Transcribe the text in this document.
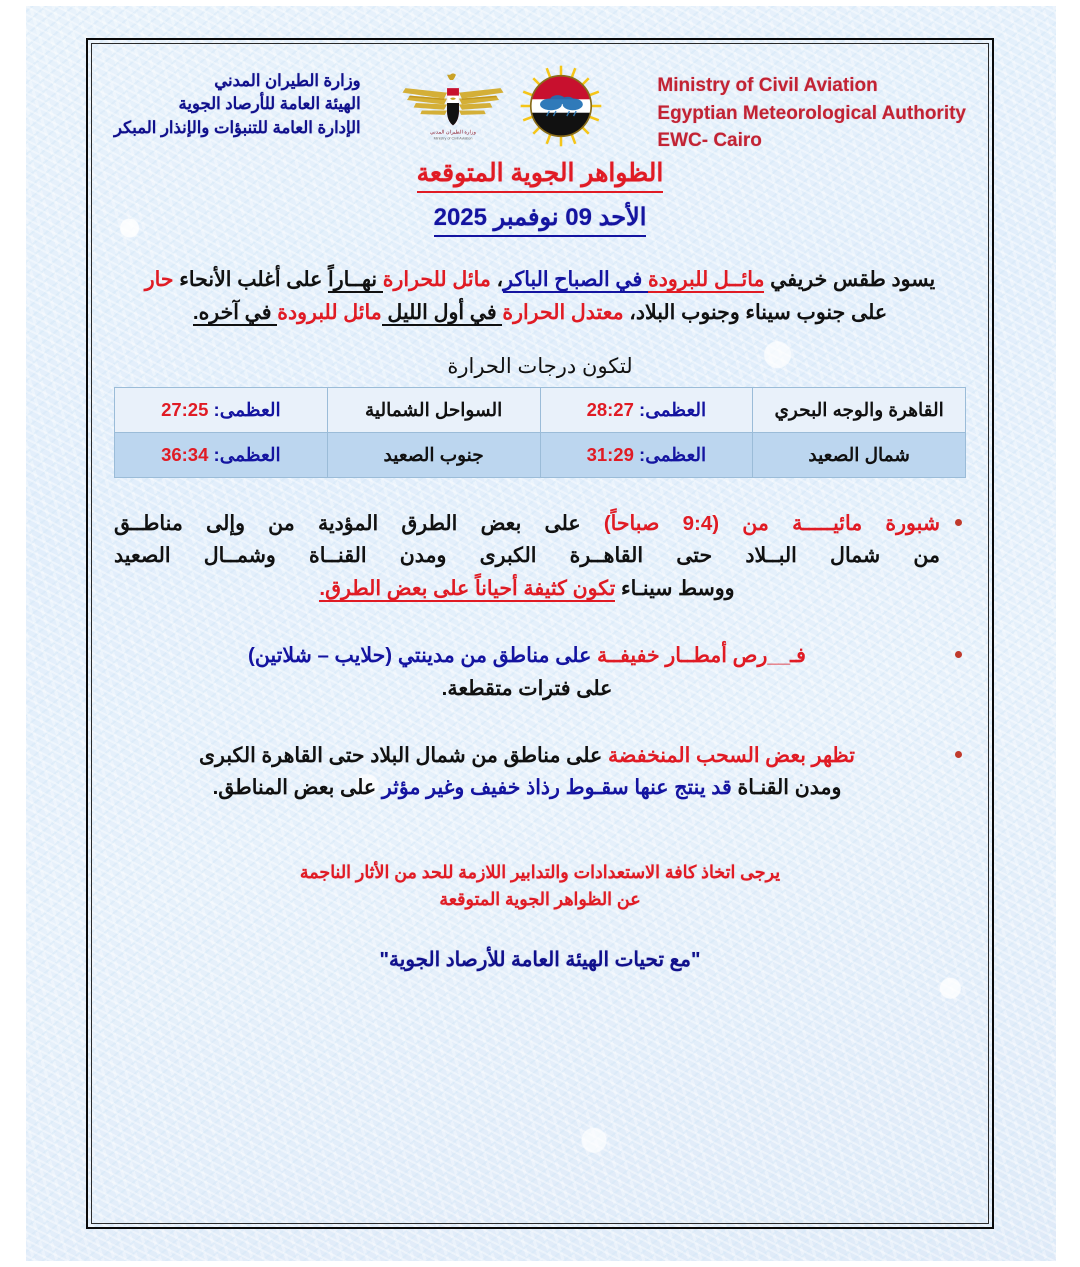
وزارة الطيران المدني
الهيئة العامة للأرصاد الجوية
الإدارة العامة للتنبؤات والإنذار المبكر	وزارة الطيران المدني
Ministry of Civil Aviation
Ministry of Civil Aviation
Egyptian Meteorological Authority
EWC- Cairo
الظواهر الجوية المتوقعة
الأحد 09 نوفمبر 2025
يسود طقس خريفي مائــل للبرودة في الصباح الباكر، مائل للحرارة نهــاراً على أغلب الأنحاء حار على جنوب سيناء وجنوب البلاد، معتدل الحرارة في أول الليل مائل للبرودة في آخره.
لتكون درجات الحرارة
القاهرة والوجه البحري	العظمى: 28:27	السواحل الشمالية	العظمى: 27:25
شمال الصعيد	العظمى: 31:29	جنوب الصعيد	العظمى: 36:34
شبورة مائيـــــة من (9:4 صباحاً) على بعض الطرق المؤدية من وإلى مناطــق
من شمال البــلاد حتى القاهــرة الكبرى ومدن القنــاة وشمــال الصعيد
ووسط سينـاء تكون كثيفة أحياناً على بعض الطرق.
فـ__رص أمطــار خفيفــة على مناطق من مدينتي (حلايب – شلاتين)
على فترات متقطعة.
تظهر بعض السحب المنخفضة على مناطق من شمال البلاد حتى القاهرة الكبرى
ومدن القنـاة قد ينتج عنها سقـوط رذاذ خفيف وغير مؤثر على بعض المناطق.
يرجى اتخاذ كافة الاستعدادات والتدابير اللازمة للحد من الأثار الناجمة
عن الظواهر الجوية المتوقعة
"مع تحيات الهيئة العامة للأرصاد الجوية"
